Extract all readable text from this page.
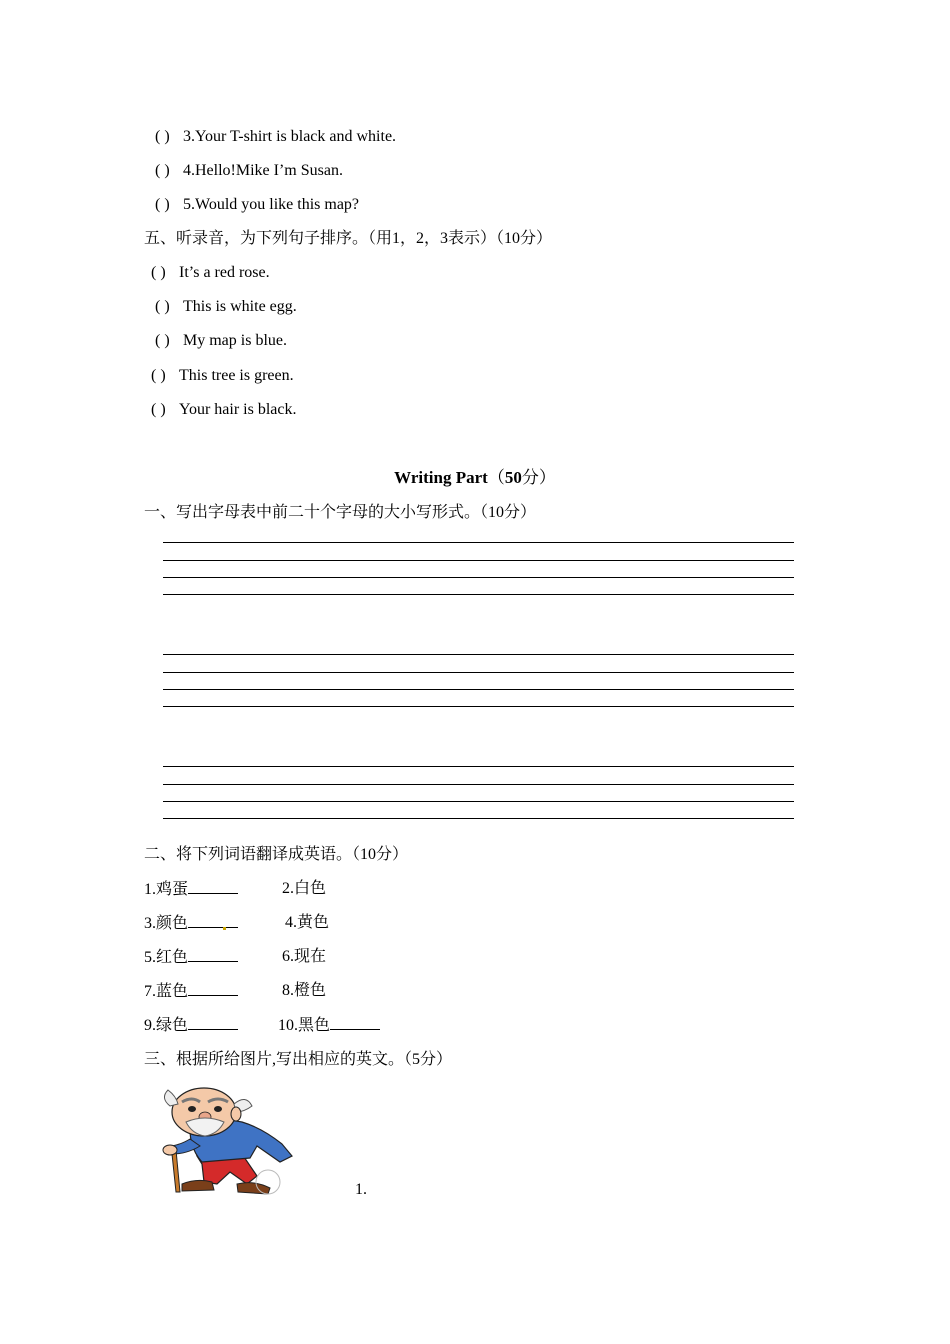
( ) 3.Your T-shirt is black and white.
( ) 4.Hello!Mike I’m Susan.
( ) 5.Would you like this map?
五、听录音，为下列句子排序。（用1，2，3表示）（10分）
( ) It’s a red rose.
( ) This is white egg.
( ) My map is blue.
( ) This tree is green.
( ) Your hair is black.
Writing Part（50分）
一、写出字母表中前二十个字母的大小写形式。（10分）
二、将下列词语翻译成英语。（10分）
1.鸡蛋	2.白色
3.颜色	4.黄色
5.红色	6.现在
7.蓝色	8.橙色
9.绿色	10.黑色
三、根据所给图片,写出相应的英文。（5分）
1.
